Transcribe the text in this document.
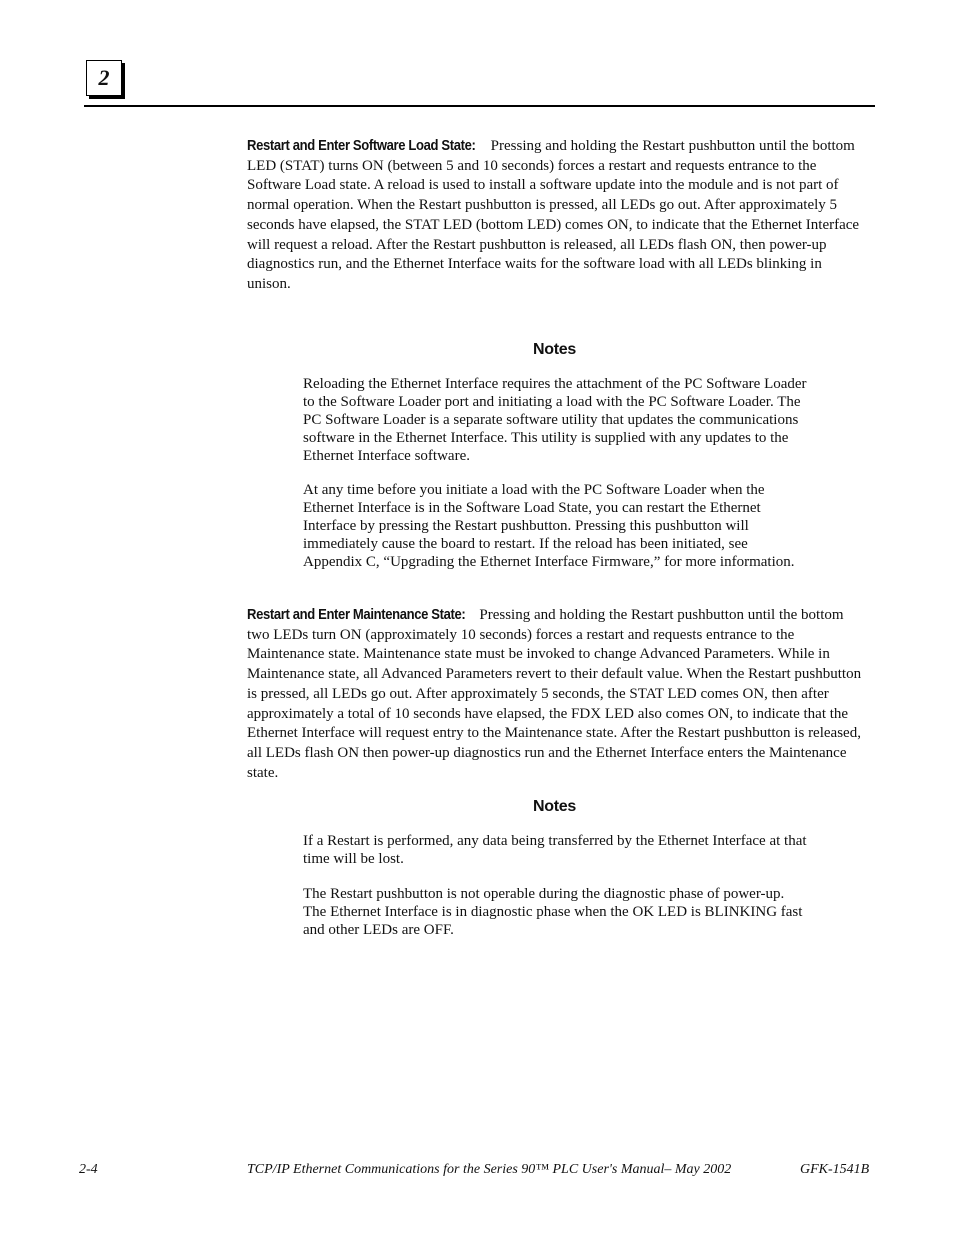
2

Restart and Enter Software Load State: Pressing and holding the Restart pushbutton until the bottom LED (STAT) turns ON (between 5 and 10 seconds) forces a restart and requests entrance to the Software Load state. A reload is used to install a software update into the module and is not part of normal operation. When the Restart pushbutton is pressed, all LEDs go out. After approximately 5 seconds have elapsed, the STAT LED (bottom LED) comes ON, to indicate that the Ethernet Interface will request a reload. After the Restart pushbutton is released, all LEDs flash ON, then power-up diagnostics run, and the Ethernet Interface waits for the software load with all LEDs blinking in unison.

Notes

Reloading the Ethernet Interface requires the attachment of the PC Software Loader to the Software Loader port and initiating a load with the PC Software Loader. The PC Software Loader is a separate software utility that updates the communications software in the Ethernet Interface. This utility is supplied with any updates to the Ethernet Interface software.

At any time before you initiate a load with the PC Software Loader when the Ethernet Interface is in the Software Load State, you can restart the Ethernet Interface by pressing the Restart pushbutton. Pressing this pushbutton will immediately cause the board to restart. If the reload has been initiated, see Appendix C, “Upgrading the Ethernet Interface Firmware,” for more information.

Restart and Enter Maintenance State: Pressing and holding the Restart pushbutton until the bottom two LEDs turn ON (approximately 10 seconds) forces a restart and requests entrance to the Maintenance state. Maintenance state must be invoked to change Advanced Parameters. While in Maintenance state, all Advanced Parameters revert to their default value. When the Restart pushbutton is pressed, all LEDs go out. After approximately 5 seconds, the STAT LED comes ON, then after approximately a total of 10 seconds have elapsed, the FDX LED also comes ON, to indicate that the Ethernet Interface will request entry to the Maintenance state. After the Restart pushbutton is released, all LEDs flash ON then power-up diagnostics run and the Ethernet Interface enters the Maintenance state.

Notes

If a Restart is performed, any data being transferred by the Ethernet Interface at that time will be lost.

The Restart pushbutton is not operable during the diagnostic phase of power-up. The Ethernet Interface is in diagnostic phase when the OK LED is BLINKING fast and other LEDs are OFF.

2-4	TCP/IP Ethernet Communications for the Series 90™ PLC User's Manual– May 2002	GFK-1541B
